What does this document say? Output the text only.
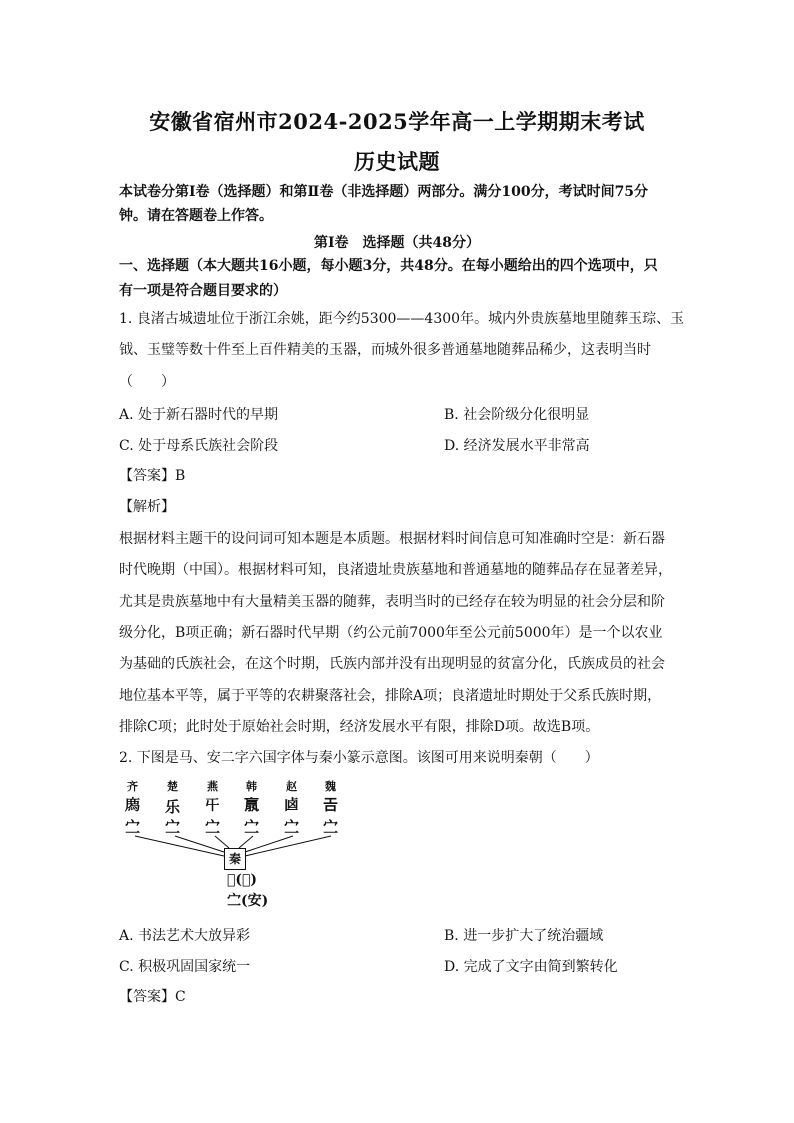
安徽省宿州市2024-2025学年高一上学期期末考试
历史试题
本试卷分第Ⅰ卷（选择题）和第Ⅱ卷（非选择题）两部分。满分100分，考试时间75分
钟。请在答题卷上作答。
第Ⅰ卷　选择题（共48分）
一、选择题（本大题共16小题，每小题3分，共48分。在每小题给出的四个选项中，只
有一项是符合题目要求的）
1. 良渚古城遗址位于浙江余姚，距今约5300——4300年。城内外贵族墓地里随葬玉琮、玉
钺、玉璧等数十件至上百件精美的玉器，而城外很多普通墓地随葬品稀少，这表明当时
（　　）
A. 处于新石器时代的早期	B. 社会阶级分化很明显
C. 处于母系氏族社会阶段	D. 经济发展水平非常高
【答案】B
【解析】
根据材料主题干的设问词可知本题是本质题。根据材料时间信息可知准确时空是：新石器
时代晚期（中国）。根据材料可知，良渚遗址贵族墓地和普通墓地的随葬品存在显著差异，
尤其是贵族墓地中有大量精美玉器的随葬，表明当时的已经存在较为明显的社会分层和阶
级分化，B项正确；新石器时代早期（约公元前7000年至公元前5000年）是一个以农业
为基础的氏族社会，在这个时期，氏族内部并没有出现明显的贫富分化，氏族成员的社会
地位基本平等，属于平等的农耕聚落社会，排除A项；良渚遗址时期处于父系氏族时期，
排除C项；此时处于原始社会时期，经济发展水平有限，排除D项。故选B项。
2. 下图是马、安二字六国字体与秦小篆示意图。该图可用来说明秦朝（　　）
齐	楚	燕	韩	赵	魏
𢊁 乐 𡕒 𣎆 𠧟 𢀛
㝉 㝉 㝉 㝉 㝉 㝉
秦
𢒎(马)
㝉(安)
A. 书法艺术大放异彩	B. 进一步扩大了统治疆域
C. 积极巩固国家统一	D. 完成了文字由简到繁转化
【答案】C
